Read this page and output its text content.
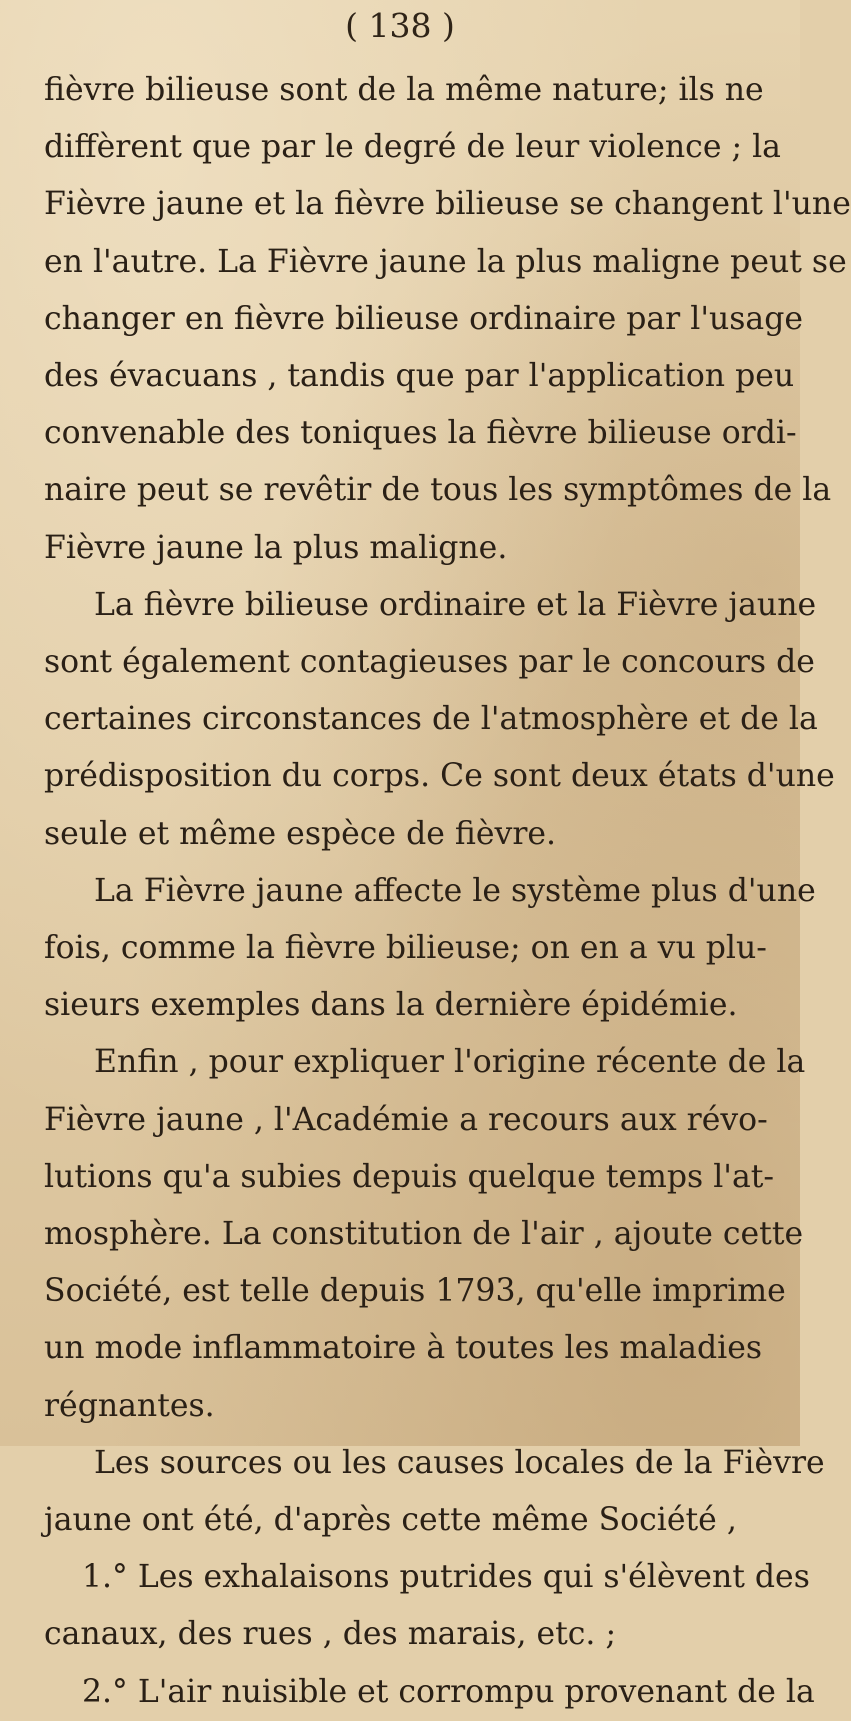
( 138 )
fièvre bilieuse sont de la même nature; ils ne
diffèrent que par le degré de leur violence ; la
Fièvre jaune et la fièvre bilieuse se changent l'une
en l'autre. La Fièvre jaune la plus maligne peut se
changer en fièvre bilieuse ordinaire par l'usage
des évacuans , tandis que par l'application peu
convenable des toniques la fièvre bilieuse ordi-
naire peut se revêtir de tous les symptômes de la
Fièvre jaune la plus maligne.
La fièvre bilieuse ordinaire et la Fièvre jaune
sont également contagieuses par le concours de
certaines circonstances de l'atmosphère et de la
prédisposition du corps. Ce sont deux états d'une
seule et même espèce de fièvre.
La Fièvre jaune affecte le système plus d'une
fois, comme la fièvre bilieuse; on en a vu plu-
sieurs exemples dans la dernière épidémie.
Enfin , pour expliquer l'origine récente de la
Fièvre jaune , l'Académie a recours aux révo-
lutions qu'a subies depuis quelque temps l'at-
mosphère. La constitution de l'air , ajoute cette
Société, est telle depuis 1793, qu'elle imprime
un mode inflammatoire à toutes les maladies
régnantes.
Les sources ou les causes locales de la Fièvre
jaune ont été, d'après cette même Société ,
1.° Les exhalaisons putrides qui s'élèvent des
canaux, des rues , des marais, etc. ;
2.° L'air nuisible et corrompu provenant de la
